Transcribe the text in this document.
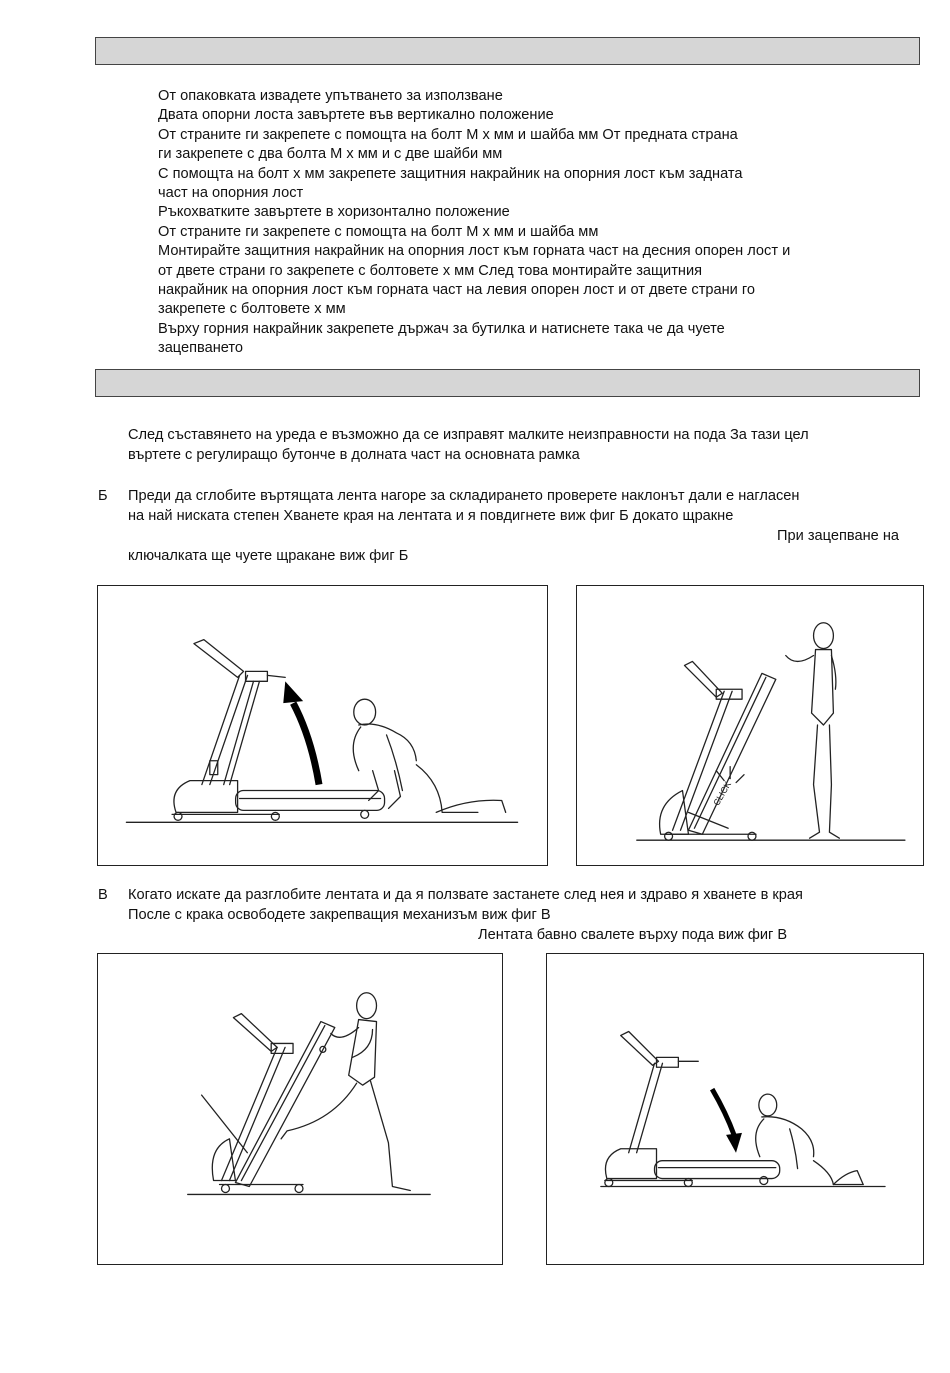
От опаковката извадете упътването за използване

Двата опорни лоста завъртете във вертикално положение

От страните ги закрепете с помощта на болт М х мм и шайба мм От предната страна

ги закрепете с два болта М х мм и с две шайби мм

С помощта на болт х мм закрепете защитния накрайник на опорния лост към задната

част на опорния лост

Ръкохватките завъртете в хоризонтално положение

От страните ги закрепете с помощта на болт М х мм и шайба мм

Монтирайте защитния накрайник на опорния лост към горната част на десния опорен лост и

от двете страни го закрепете с болтовете х мм След това монтирайте защитния

накрайник на опорния лост към горната част на левия опорен лост и от двете страни го

закрепете с болтовете х мм

Върху горния накрайник закрепете държач за бутилка и натиснете така че да чуете

зацепването

След съставянето на уреда е възможно да се изправят малките неизправности на пода За тази цел
въртете с регулиращо бутонче в долната част на основната рамка
Б Преди да сглобите въртящата лента нагоре за складирането проверете наклонът дали е нагласен
на най ниската степен Хванете края на лентата и я повдигнете виж фиг Б докато щракне
При зацепване на
ключалката ще чуете щракане виж фиг Б
CLICK
В Когато искате да разглобите лентата и да я ползвате застанете след нея и здраво я хванете в края
После с крака освободете закрепващия механизъм виж фиг В
Лентата бавно свалете върху пода виж фиг В
